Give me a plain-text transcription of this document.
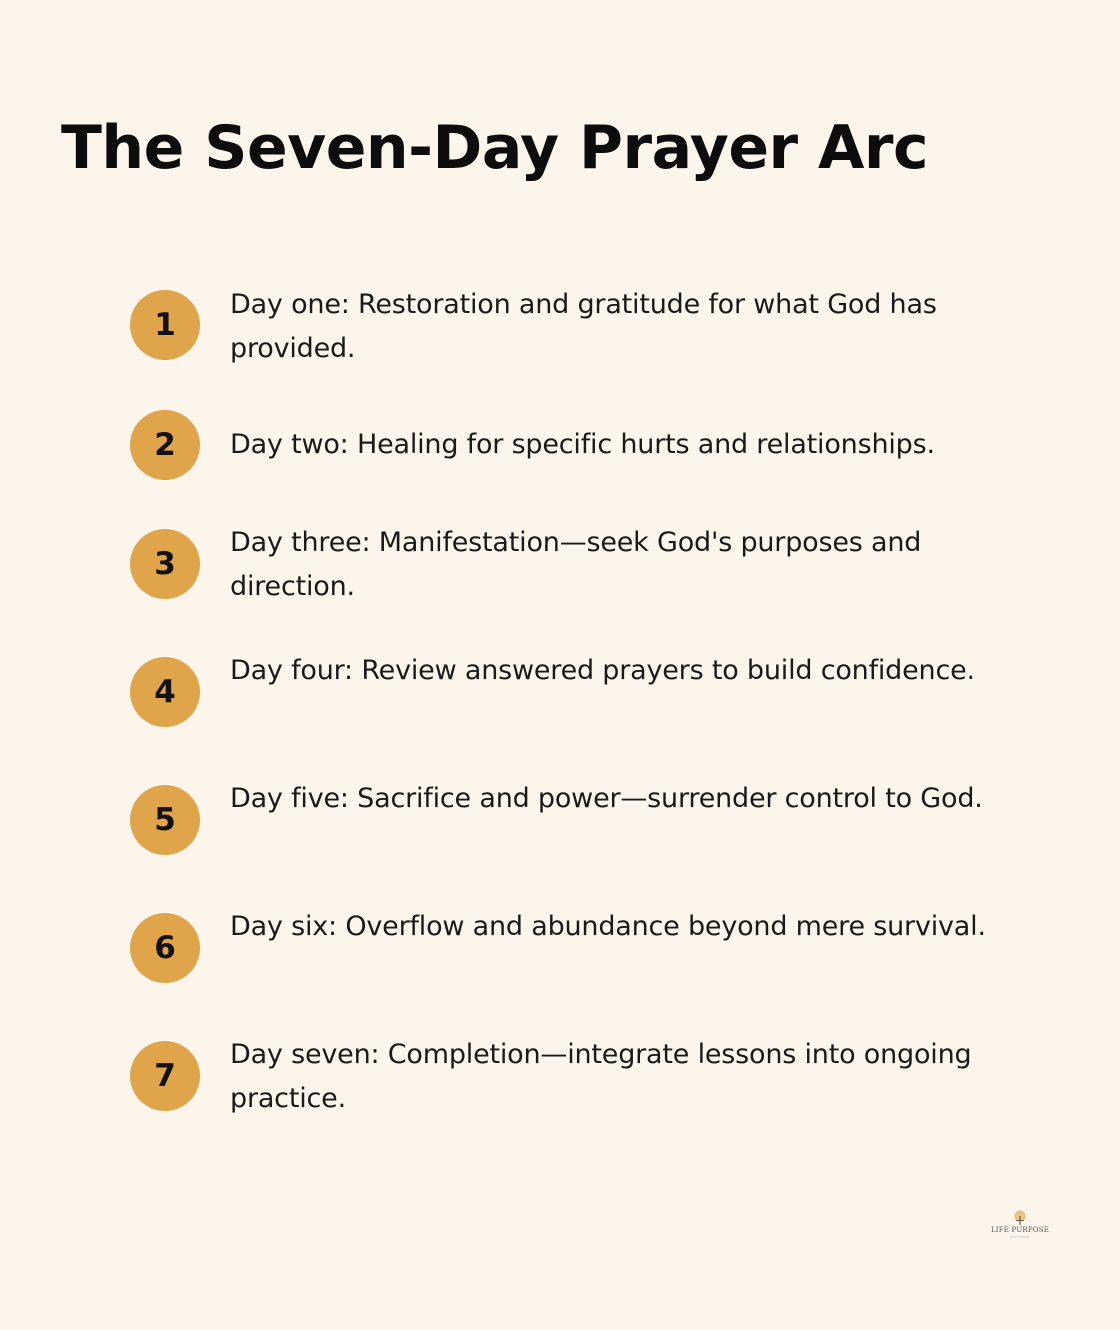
The Seven-Day Prayer Arc
1
Day one: Restoration and gratitude for what God has provided.
2	Day two: Healing for specific hurts and relationships.
3
Day three: Manifestation—seek God's purposes and direction.
4
Day four: Review answered prayers to build confidence.
5
Day five: Sacrifice and power—surrender control to God.
6
Day six: Overflow and abundance beyond mere survival.
7
Day seven: Completion—integrate lessons into ongoing practice.
LIFE PURPOSE
MATTERS
